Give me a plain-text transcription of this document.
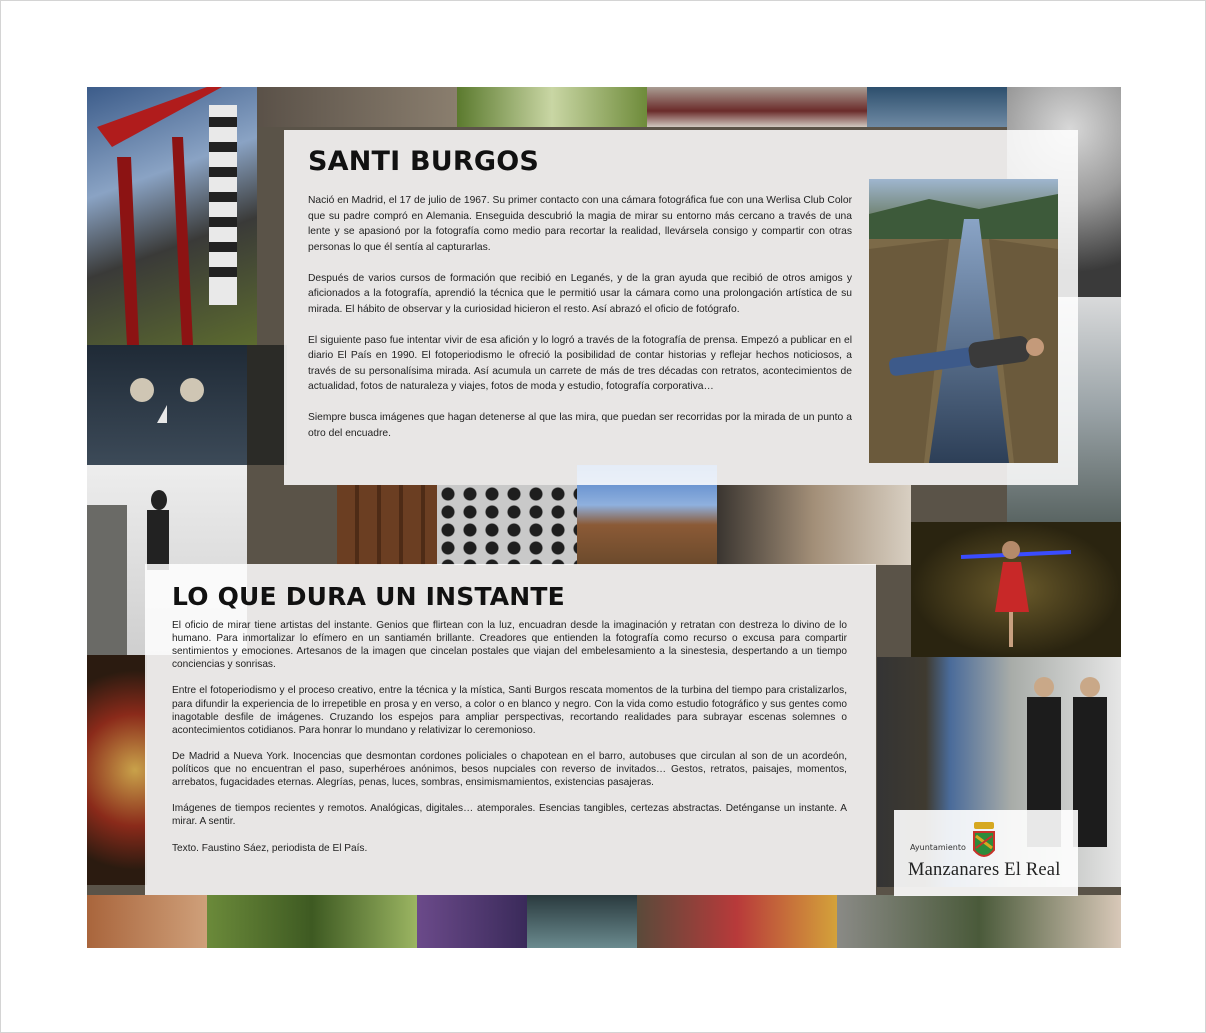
SANTI BURGOS

Nació en Madrid, el 17 de julio de 1967. Su primer contacto con una cámara fotográfica fue con una Werlisa Club Color que su padre compró en Alemania. Enseguida descubrió la magia de mirar su entorno más cercano a través de una lente y se apasionó por la fotografía como medio para recortar la realidad, llevársela consigo y compartir con otras personas lo que él sentía al capturarlas.

Después de varios cursos de formación que recibió en Leganés, y de la gran ayuda que recibió de otros amigos y aficionados a la fotografía, aprendió la técnica que le permitió usar la cámara como una prolongación artística de su mirada. El hábito de observar y la curiosidad hicieron el resto. Así abrazó el oficio de fotógrafo.

El siguiente paso fue intentar vivir de esa afición y lo logró a través de la fotografía de prensa. Empezó a publicar en el diario El País en 1990. El fotoperiodismo le ofreció la posibilidad de contar historias y reflejar hechos noticiosos, a través de su personalísima mirada. Así acumula un carrete de más de tres décadas con retratos, acontecimientos de actualidad, fotos de naturaleza y viajes, fotos de moda y estudio, fotografía corporativa…

Siempre busca imágenes que hagan detenerse al que las mira, que puedan ser recorridas por la mirada de un punto a otro del encuadre.

LO QUE DURA UN INSTANTE

El oficio de mirar tiene artistas del instante. Genios que flirtean con la luz, encuadran desde la imaginación y retratan con destreza lo divino de lo humano. Para inmortalizar lo efímero en un santiamén brillante. Creadores que entienden la fotografía como recurso o excusa para compartir sentimientos y emociones. Artesanos de la imagen que cincelan postales que viajan del embelesamiento a la sinestesia, despertando a un tiempo conciencias y sonrisas.

Entre el fotoperiodismo y el proceso creativo, entre la técnica y la mística, Santi Burgos rescata momentos de la turbina del tiempo para cristalizarlos, para difundir la experiencia de lo irrepetible en prosa y en verso, a color o en blanco y negro. Con la vida como estudio fotográfico y sus gentes como inagotable desfile de imágenes. Cruzando los espejos para ampliar perspectivas, recortando realidades para subrayar escenas solemnes o acontecimientos cotidianos. Para honrar lo mundano y relativizar lo ceremonioso.

De Madrid a Nueva York. Inocencias que desmontan cordones policiales o chapotean en el barro, autobuses que circulan al son de un acordeón, políticos que no encuentran el paso, superhéroes anónimos, besos nupciales con reverso de invitados… Gestos, retratos, paisajes, momentos, arrebatos, fugacidades eternas. Alegrías, penas, luces, sombras, ensimismamientos, existencias pasajeras.

Imágenes de tiempos recientes y remotos. Analógicas, digitales… atemporales. Esencias tangibles, certezas abstractas. Deténganse un instante. A mirar. A sentir.

Texto. Faustino Sáez, periodista de El País.	Ayuntamiento
Manzanares El Real
